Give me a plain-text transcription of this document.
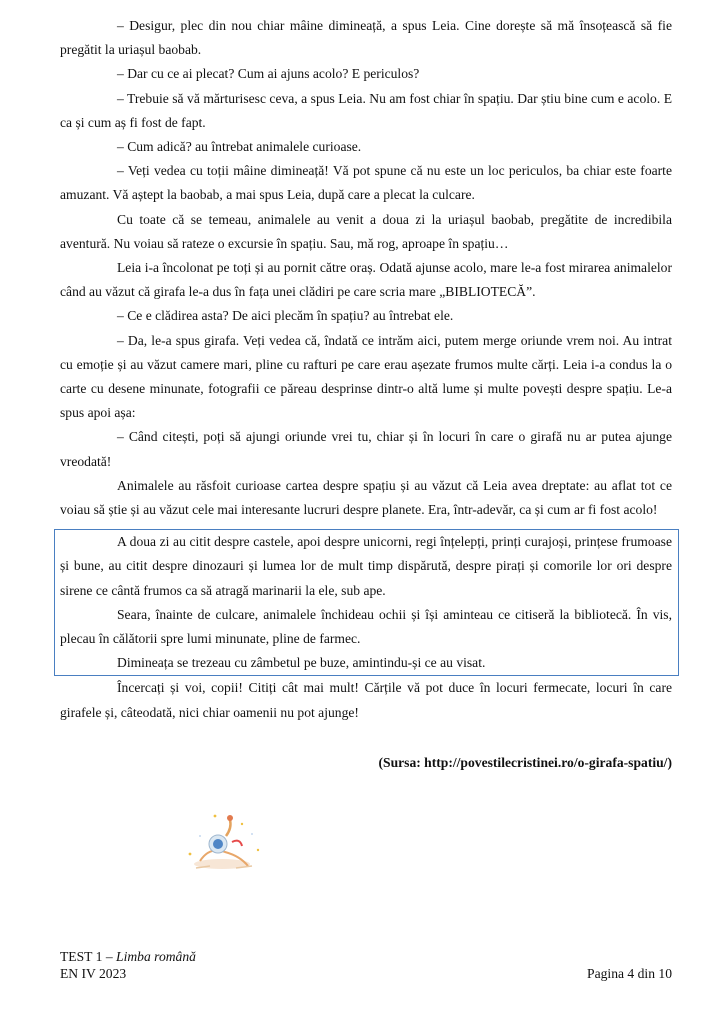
– Desigur, plec din nou chiar mâine dimineață, a spus Leia. Cine dorește să mă însoțească să fie pregătit la uriașul baobab.

– Dar cu ce ai plecat? Cum ai ajuns acolo? E periculos?

– Trebuie să vă mărturisesc ceva, a spus Leia. Nu am fost chiar în spațiu. Dar știu bine cum e acolo. E ca și cum aș fi fost de fapt.

– Cum adică? au întrebat animalele curioase.

– Veți vedea cu toții mâine dimineață! Vă pot spune că nu este un loc periculos, ba chiar este foarte amuzant. Vă aștept la baobab, a mai spus Leia, după care a plecat la culcare.

Cu toate că se temeau, animalele au venit a doua zi la uriașul baobab, pregătite de incredibila aventură. Nu voiau să rateze o excursie în spațiu. Sau, mă rog, aproape în spațiu…

Leia i-a încolonat pe toți și au pornit către oraș. Odată ajunse acolo, mare le-a fost mirarea animalelor când au văzut că girafa le-a dus în fața unei clădiri pe care scria mare „BIBLIOTECĂ”.

– Ce e clădirea asta? De aici plecăm în spațiu? au întrebat ele.

– Da, le-a spus girafa. Veți vedea că, îndată ce intrăm aici, putem merge oriunde vrem noi. Au intrat cu emoție și au văzut camere mari, pline cu rafturi pe care erau așezate frumos multe cărți. Leia i-a condus la o carte cu desene minunate, fotografii ce păreau desprinse dintr-o altă lume și multe povești despre spațiu. Le-a spus apoi așa:

– Când citești, poți să ajungi oriunde vrei tu, chiar și în locuri în care o girafă nu ar putea ajunge vreodată!

Animalele au răsfoit curioase cartea despre spațiu și au văzut că Leia avea dreptate: au aflat tot ce voiau să știe și au văzut cele mai interesante lucruri despre planete. Era, într-adevăr, ca și cum ar fi fost acolo!

A doua zi au citit despre castele, apoi despre unicorni, regi înțelepți, prinți curajoși, prințese frumoase și bune, au citit despre dinozauri și lumea lor de mult timp dispărută, despre pirați și comorile lor ori despre sirene ce cântă frumos ca să atragă marinarii la ele, sub ape.

Seara, înainte de culcare, animalele închideau ochii și își aminteau ce citiseră la bibliotecă. În vis, plecau în călătorii spre lumi minunate, pline de farmec.

Dimineața se trezeau cu zâmbetul pe buze, amintindu-și ce au visat.

Încercați și voi, copii! Citiți cât mai mult! Cărțile vă pot duce în locuri fermecate, locuri în care girafele și, câteodată, nici chiar oamenii nu pot ajunge!

(Sursa: http://povestilecristinei.ro/o-girafa-spatiu/)
TEST 1 – Limba română
EN IV 2023	Pagina 4 din 10
